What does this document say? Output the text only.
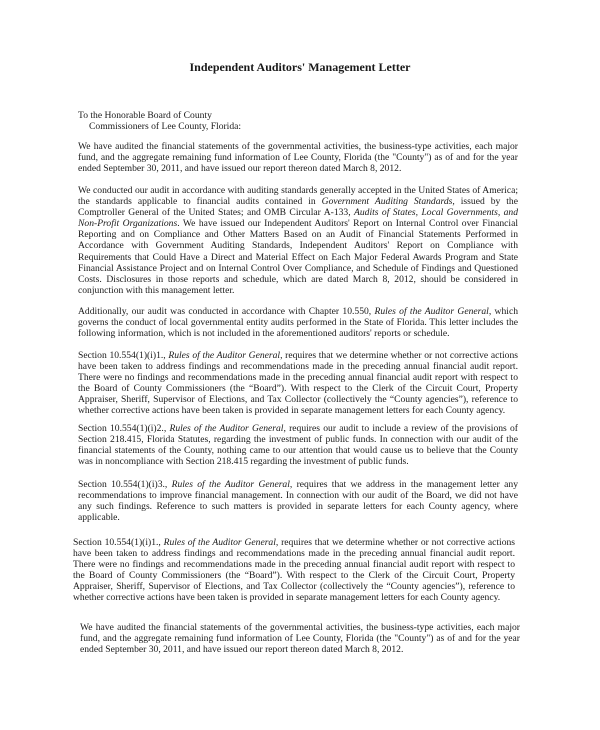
Independent Auditors' Management Letter

To the Honorable Board of County
Commissioners of Lee County, Florida:

We have audited the financial statements of the governmental activities, the business-type activities, each major fund, and the aggregate remaining fund information of Lee County, Florida (the "County") as of and for the year ended September 30, 2011, and have issued our report thereon dated March 8, 2012.

We conducted our audit in accordance with auditing standards generally accepted in the United States of America; the standards applicable to financial audits contained in Government Auditing Standards, issued by the Comptroller General of the United States; and OMB Circular A-133, Audits of States, Local Governments, and Non-Profit Organizations. We have issued our Independent Auditors' Report on Internal Control over Financial Reporting and on Compliance and Other Matters Based on an Audit of Financial Statements Performed in Accordance with Government Auditing Standards, Independent Auditors' Report on Compliance with Requirements that Could Have a Direct and Material Effect on Each Major Federal Awards Program and State Financial Assistance Project and on Internal Control Over Compliance, and Schedule of Findings and Questioned Costs. Disclosures in those reports and schedule, which are dated March 8, 2012, should be considered in conjunction with this management letter.

Additionally, our audit was conducted in accordance with Chapter 10.550, Rules of the Auditor General, which governs the conduct of local governmental entity audits performed in the State of Florida. This letter includes the following information, which is not included in the aforementioned auditors' reports or schedule.

Section 10.554(1)(i)1., Rules of the Auditor General, requires that we determine whether or not corrective actions have been taken to address findings and recommendations made in the preceding annual financial audit report. There were no findings and recommendations made in the preceding annual financial audit report with respect to the Board of County Commissioners (the “Board”). With respect to the Clerk of the Circuit Court, Property Appraiser, Sheriff, Supervisor of Elections, and Tax Collector (collectively the “County agencies”), reference to whether corrective actions have been taken is provided in separate management letters for each County agency.

Section 10.554(1)(i)2., Rules of the Auditor General, requires our audit to include a review of the provisions of Section 218.415, Florida Statutes, regarding the investment of public funds. In connection with our audit of the financial statements of the County, nothing came to our attention that would cause us to believe that the County was in noncompliance with Section 218.415 regarding the investment of public funds.

Section 10.554(1)(i)3., Rules of the Auditor General, requires that we address in the management letter any recommendations to improve financial management. In connection with our audit of the Board, we did not have any such findings. Reference to such matters is provided in separate letters for each County agency, where applicable.

Section 10.554(1)(i)1., Rules of the Auditor General, requires that we determine whether or not corrective actions have been taken to address findings and recommendations made in the preceding annual financial audit report. There were no findings and recommendations made in the preceding annual financial audit report with respect to the Board of County Commissioners (the “Board”). With respect to the Clerk of the Circuit Court, Property Appraiser, Sheriff, Supervisor of Elections, and Tax Collector (collectively the “County agencies”), reference to whether corrective actions have been taken is provided in separate management letters for each County agency.

We have audited the financial statements of the governmental activities, the business-type activities, each major fund, and the aggregate remaining fund information of Lee County, Florida (the "County") as of and for the year ended September 30, 2011, and have issued our report thereon dated March 8, 2012.
